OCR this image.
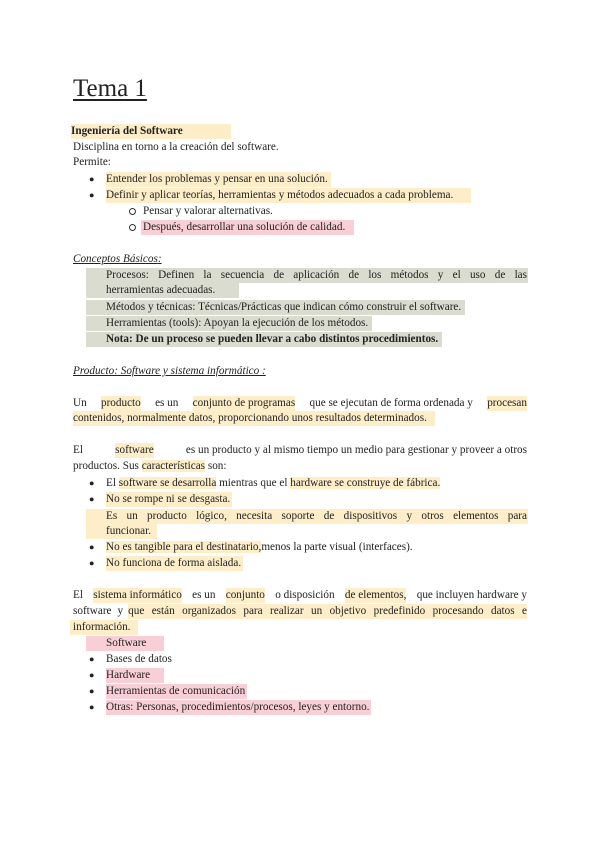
Tema 1
Ingeniería del Software
Disciplina en torno a la creación del software.
Permite:
● Entender los problemas y pensar en una solución.
● Definir y aplicar teorías, herramientas y métodos adecuados a cada problema.
Pensar y valorar alternativas.
Después, desarrollar una solución de calidad.
Conceptos Básicos:
Procesos: Definen la secuencia de aplicación de los métodos y el uso de las
herramientas adecuadas.
Métodos y técnicas: Técnicas/Prácticas que indican cómo construir el software.
Herramientas (tools): Apoyan la ejecución de los métodos.
Nota: De un proceso se pueden llevar a cabo distintos procedimientos.
Producto: Software y sistema informático :
Un producto es un conjunto de programas que se ejecutan de forma ordenada y procesan
contenidos, normalmente datos, proporcionando unos resultados determinados.
El	software	es un producto y al mismo tiempo un medio para gestionar y proveer a otros
productos. Sus características son:
● El software se desarrolla mientras que el hardware se construye de fábrica.
● No se rompe ni se desgasta.
Es un producto lógico, necesita soporte de dispositivos y otros elementos para
funcionar.
● No es tangible para el destinatario,menos la parte visual (interfaces).
● No funciona de forma aislada.
El sistema informático es un conjunto o disposición de elementos, que incluyen hardware y
software y que están organizados para realizar un objetivo predefinido procesando datos e
información.
Software
● Bases de datos
● Hardware
● Herramientas de comunicación
● Otras: Personas, procedimientos/procesos, leyes y entorno.
